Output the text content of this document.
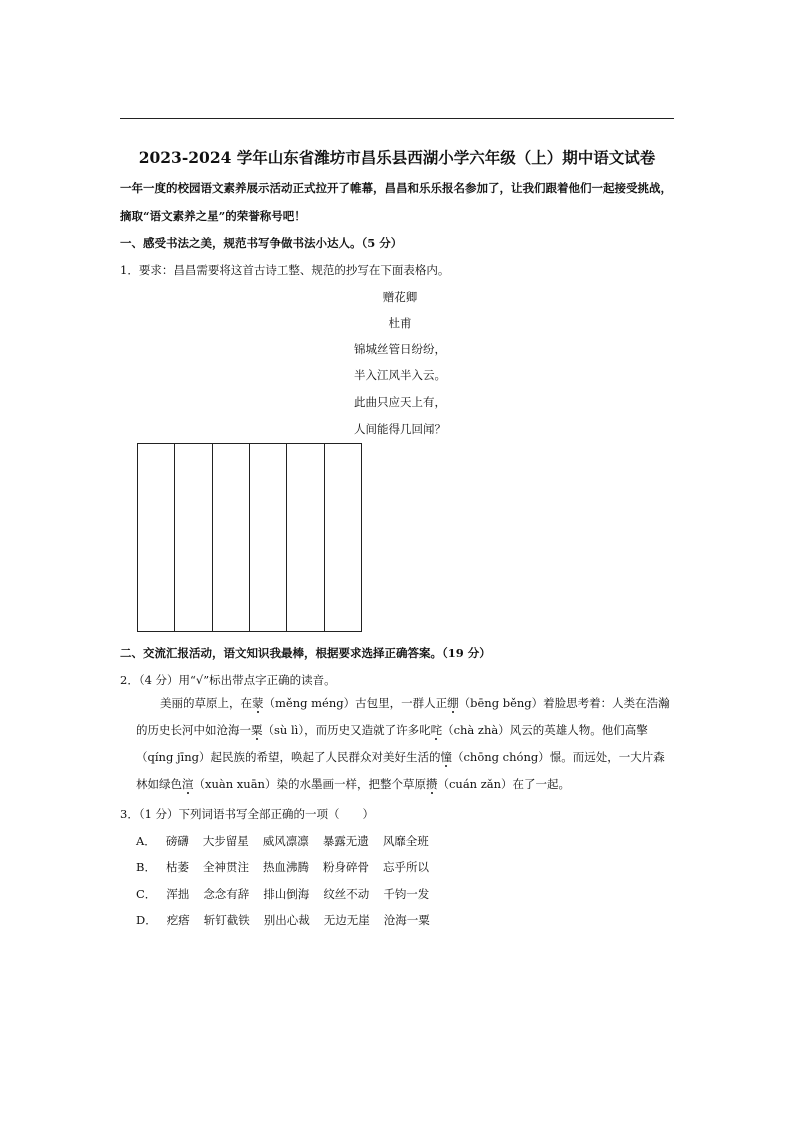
2023-2024 学年山东省潍坊市昌乐县西湖小学六年级（上）期中语文试卷
一年一度的校园语文素养展示活动正式拉开了帷幕，昌昌和乐乐报名参加了，让我们跟着他们一起接受挑战，摘取“语文素养之星”的荣誉称号吧！
一、感受书法之美，规范书写争做书法小达人。（5 分）
1．要求：昌昌需要将这首古诗工整、规范的抄写在下面表格内。
赠花卿
杜甫
锦城丝管日纷纷，
半入江风半入云。
此曲只应天上有，
人间能得几回闻？
二、交流汇报活动，语文知识我最棒，根据要求选择正确答案。（19 分）
2．（4 分）用“√”标出带点字正确的读音。
美丽的草原上，在蒙（měng méng）古包里，一群人正绷（bēng běng）着脸思考着：人类在浩瀚的历史长河中如沧海一粟（sù lì），而历史又造就了许多叱咤（chà zhà）风云的英雄人物。他们高擎（qíng jīng）起民族的希望，唤起了人民群众对美好生活的憧（chōng chóng）憬。而远处，一大片森林如绿色渲（xuàn xuān）染的水墨画一样，把整个草原攒（cuán zǎn）在了一起。
3．（1 分）下列词语书写全部正确的一项（　　）
A． 磅礴 大步留星 威风凛凛 暴露无遗 风靡全班
B． 枯萎 全神贯注 热血沸腾 粉身碎骨 忘乎所以
C． 浑拙 念念有辞 排山倒海 纹丝不动 千钧一发
D． 疙瘩 斩钉截铁 别出心裁 无边无崖 沧海一粟
